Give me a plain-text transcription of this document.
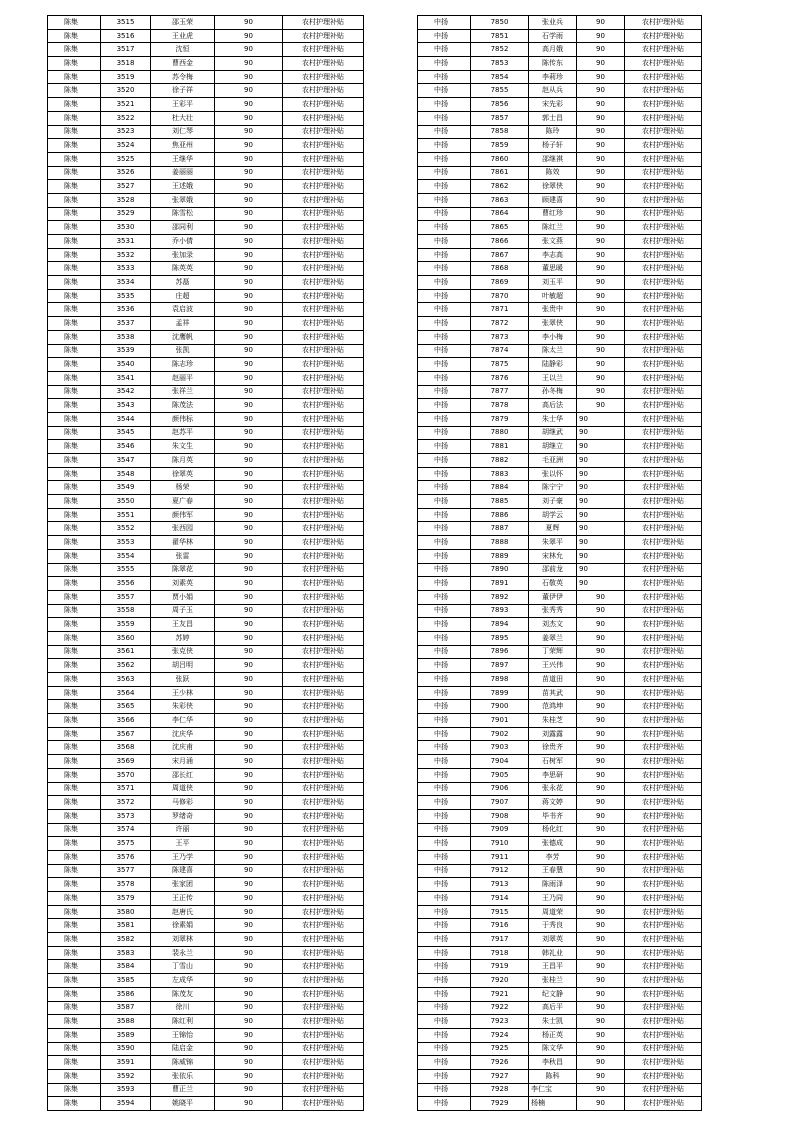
陈集	3515	邵玉荣	90	农村护理补贴
陈集	3516	王业虎	90	农村护理补贴
陈集	3517	沈恒	90	农村护理补贴
陈集	3518	曹西金	90	农村护理补贴
陈集	3519	苏令梅	90	农村护理补贴
陈集	3520	徐子祥	90	农村护理补贴
陈集	3521	王彩平	90	农村护理补贴
陈集	3522	杜大壮	90	农村护理补贴
陈集	3523	刘仁琴	90	农村护理补贴
陈集	3524	焦亚州	90	农村护理补贴
陈集	3525	王继华	90	农村护理补贴
陈集	3526	姜丽丽	90	农村护理补贴
陈集	3527	王述娥	90	农村护理补贴
陈集	3528	张翠娥	90	农村护理补贴
陈集	3529	陈雪松	90	农村护理补贴
陈集	3530	邵同利	90	农村护理补贴
陈集	3531	乔小倩	90	农村护理补贴
陈集	3532	张加录	90	农村护理补贴
陈集	3533	陈英英	90	农村护理补贴
陈集	3534	苏磊	90	农村护理补贴
陈集	3535	庄超	90	农村护理补贴
陈集	3536	袁启波	90	农村护理补贴
陈集	3537	孟祥	90	农村护理补贴
陈集	3538	沈鹰帆	90	农村护理补贴
陈集	3539	张凯	90	农村护理补贴
陈集	3540	陈志珍	90	农村护理补贴
陈集	3541	赵丽平	90	农村护理补贴
陈集	3542	张祥兰	90	农村护理补贴
陈集	3543	陈茂法	90	农村护理补贴
陈集	3544	颜伟标	90	农村护理补贴
陈集	3545	赵苏平	90	农村护理补贴
陈集	3546	朱文生	90	农村护理补贴
陈集	3547	陈月英	90	农村护理补贴
陈集	3548	徐翠英	90	农村护理补贴
陈集	3549	杨荣	90	农村护理补贴
陈集	3550	夏广春	90	农村护理补贴
陈集	3551	颜伟军	90	农村护理补贴
陈集	3552	张西园	90	农村护理补贴
陈集	3553	翟华林	90	农村护理补贴
陈集	3554	张雷	90	农村护理补贴
陈集	3555	陈翠花	90	农村护理补贴
陈集	3556	刘素英	90	农村护理补贴
陈集	3557	贾小娟	90	农村护理补贴
陈集	3558	周子玉	90	农村护理补贴
陈集	3559	王友昌	90	农村护理补贴
陈集	3560	苏婷	90	农村护理补贴
陈集	3561	张克侠	90	农村护理补贴
陈集	3562	胡吕明	90	农村护理补贴
陈集	3563	张跃	90	农村护理补贴
陈集	3564	王少林	90	农村护理补贴
陈集	3565	朱彩侠	90	农村护理补贴
陈集	3566	李仁华	90	农村护理补贴
陈集	3567	沈庆华	90	农村护理补贴
陈集	3568	沈庆甫	90	农村护理补贴
陈集	3569	宋月涌	90	农村护理补贴
陈集	3570	邵长红	90	农村护理补贴
陈集	3571	周道侠	90	农村护理补贴
陈集	3572	马修彩	90	农村护理补贴
陈集	3573	罗绪奇	90	农村护理补贴
陈集	3574	许丽	90	农村护理补贴
陈集	3575	王平	90	农村护理补贴
陈集	3576	王乃学	90	农村护理补贴
陈集	3577	陈建喜	90	农村护理补贴
陈集	3578	张家团	90	农村护理补贴
陈集	3579	王正传	90	农村护理补贴
陈集	3580	赵唐氏	90	农村护理补贴
陈集	3581	徐素娟	90	农村护理补贴
陈集	3582	刘翠林	90	农村护理补贴
陈集	3583	裴永兰	90	农村护理补贴
陈集	3584	丁雪山	90	农村护理补贴
陈集	3585	左成华	90	农村护理补贴
陈集	3586	陈茂友	90	农村护理补贴
陈集	3587	徐川	90	农村护理补贴
陈集	3588	陈红利	90	农村护理补贴
陈集	3589	王锦怡	90	农村护理补贴
陈集	3590	陆启金	90	农村护理补贴
陈集	3591	陈威锦	90	农村护理补贴
陈集	3592	张依乐	90	农村护理补贴
陈集	3593	曹正兰	90	农村护理补贴
陈集	3594	姚晓平	90	农村护理补贴
中扬	7850	张业兵	90	农村护理补贴
中扬	7851	石学雨	90	农村护理补贴
中扬	7852	高月娥	90	农村护理补贴
中扬	7853	陈传东	90	农村护理补贴
中扬	7854	李莉珍	90	农村护理补贴
中扬	7855	赵从兵	90	农村护理补贴
中扬	7856	宋先彩	90	农村护理补贴
中扬	7857	郭士昌	90	农村护理补贴
中扬	7858	陈玲	90	农村护理补贴
中扬	7859	杨子轩	90	农村护理补贴
中扬	7860	邵继祺	90	农村护理补贴
中扬	7861	陈效	90	农村护理补贴
中扬	7862	徐翠侠	90	农村护理补贴
中扬	7863	顾建喜	90	农村护理补贴
中扬	7864	曹红珍	90	农村护理补贴
中扬	7865	陈红兰	90	农村护理补贴
中扬	7866	张文燕	90	农村护理补贴
中扬	7867	李志高	90	农村护理补贴
中扬	7868	董思暖	90	农村护理补贴
中扬	7869	刘玉平	90	农村护理补贴
中扬	7870	叶敏超	90	农村护理补贴
中扬	7871	张贵中	90	农村护理补贴
中扬	7872	张翠侠	90	农村护理补贴
中扬	7873	李小梅	90	农村护理补贴
中扬	7874	陈太兰	90	农村护理补贴
中扬	7875	陆静彩	90	农村护理补贴
中扬	7876	王以兰	90	农村护理补贴
中扬	7877	孙冬梅	90	农村护理补贴
中扬	7878	高后法	90	农村护理补贴
中扬	7879	朱士华	90	农村护理补贴
中扬	7880	胡继武	90	农村护理补贴
中扬	7881	胡继立	90	农村护理补贴
中扬	7882	毛亚洲	90	农村护理补贴
中扬	7883	张以怀	90	农村护理补贴
中扬	7884	陈宁宁	90	农村护理补贴
中扬	7885	刘子豪	90	农村护理补贴
中扬	7886	胡学云	90	农村护理补贴
中扬	7887	夏辉	90	农村护理补贴
中扬	7888	朱翠平	90	农村护理补贴
中扬	7889	宋林允	90	农村护理补贴
中扬	7890	邵前龙	90	农村护理补贴
中扬	7891	石敬英	90	农村护理补贴
中扬	7892	董伊伊	90	农村护理补贴
中扬	7893	张秀秀	90	农村护理补贴
中扬	7894	刘杰文	90	农村护理补贴
中扬	7895	姜翠兰	90	农村护理补贴
中扬	7896	丁荣辉	90	农村护理补贴
中扬	7897	王兴伟	90	农村护理补贴
中扬	7898	苗道田	90	农村护理补贴
中扬	7899	苗其武	90	农村护理补贴
中扬	7900	范鸿坤	90	农村护理补贴
中扬	7901	朱桂芝	90	农村护理补贴
中扬	7902	刘露露	90	农村护理补贴
中扬	7903	徐贵齐	90	农村护理补贴
中扬	7904	石树军	90	农村护理补贴
中扬	7905	李思研	90	农村护理补贴
中扬	7906	张永花	90	农村护理补贴
中扬	7907	蒋文婷	90	农村护理补贴
中扬	7908	毕书齐	90	农村护理补贴
中扬	7909	杨化红	90	农村护理补贴
中扬	7910	张德成	90	农村护理补贴
中扬	7911	李芳	90	农村护理补贴
中扬	7912	王春慧	90	农村护理补贴
中扬	7913	陈雨泽	90	农村护理补贴
中扬	7914	王乃同	90	农村护理补贴
中扬	7915	周道荣	90	农村护理补贴
中扬	7916	于秀良	90	农村护理补贴
中扬	7917	刘翠英	90	农村护理补贴
中扬	7918	韩礼业	90	农村护理补贴
中扬	7919	王昌平	90	农村护理补贴
中扬	7920	张桂兰	90	农村护理补贴
中扬	7921	纪文静	90	农村护理补贴
中扬	7922	高后平	90	农村护理补贴
中扬	7923	朱士凯	90	农村护理补贴
中扬	7924	杨正英	90	农村护理补贴
中扬	7925	陈文华	90	农村护理补贴
中扬	7926	李秋昌	90	农村护理补贴
中扬	7927	陈科	90	农村护理补贴
中扬	7928	李仁宝	90	农村护理补贴
中扬	7929	杨楠	90	农村护理补贴
